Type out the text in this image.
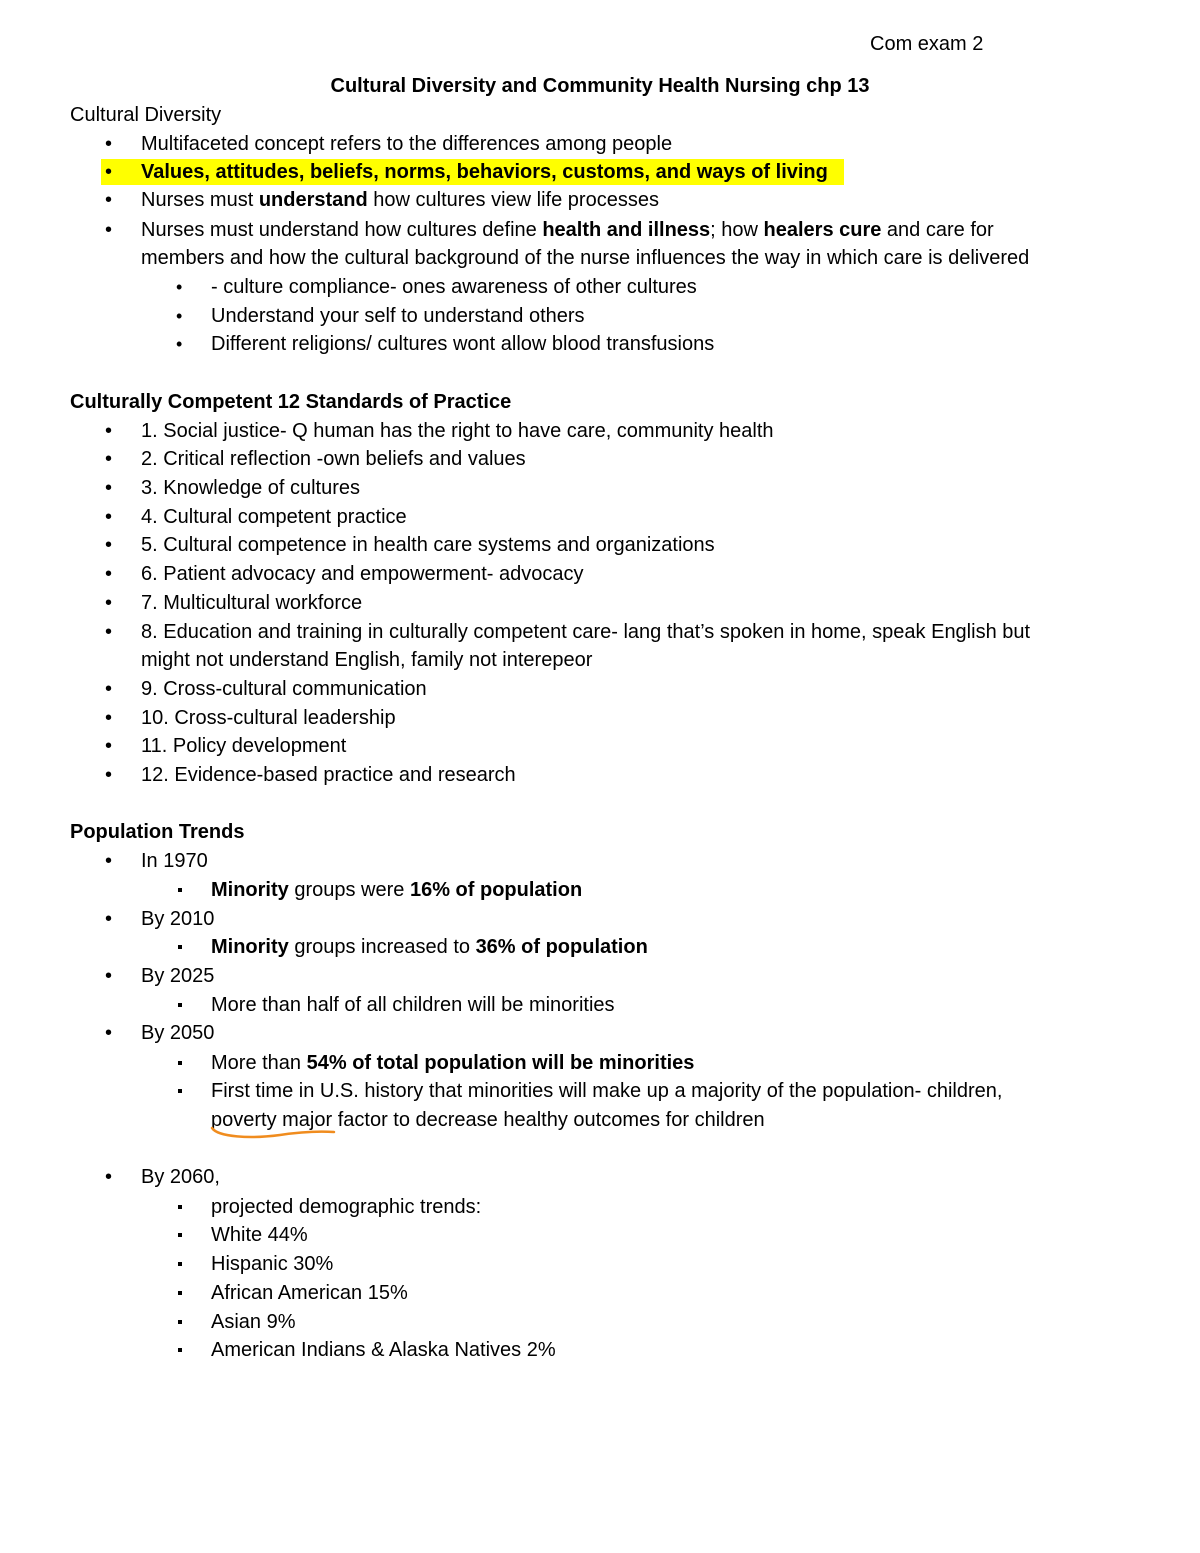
Com exam 2
Cultural Diversity and Community Health Nursing chp 13
Cultural Diversity
• Multifaceted concept refers to the differences among people
• Values, attitudes, beliefs, norms, behaviors, customs, and ways of living
• Nurses must understand how cultures view life processes
• Nurses must understand how cultures define health and illness; how healers cure and care for
members and how the cultural background of the nurse influences the way in which care is delivered
• - culture compliance- ones awareness of other cultures
• Understand your self to understand others
• Different religions/ cultures wont allow blood transfusions
Culturally Competent 12 Standards of Practice
• 1. Social justice- Q human has the right to have care, community health
• 2. Critical reflection -own beliefs and values
• 3. Knowledge of cultures
• 4. Cultural competent practice
• 5. Cultural competence in health care systems and organizations
• 6. Patient advocacy and empowerment- advocacy
• 7. Multicultural workforce
• 8. Education and training in culturally competent care- lang that’s spoken in home, speak English but
might not understand English, family not interepeor
• 9. Cross-cultural communication
• 10. Cross-cultural leadership
• 11. Policy development
• 12. Evidence-based practice and research
Population Trends
• In 1970
Minority groups were 16% of population
• By 2010
Minority groups increased to 36% of population
• By 2025
More than half of all children will be minorities
• By 2050
More than 54% of total population will be minorities
First time in U.S. history that minorities will make up a majority of the population- children,
poverty major factor to decrease healthy outcomes for children
• By 2060,
projected demographic trends:
White 44%
Hispanic 30%
African American 15%
Asian 9%
American Indians & Alaska Natives 2%
